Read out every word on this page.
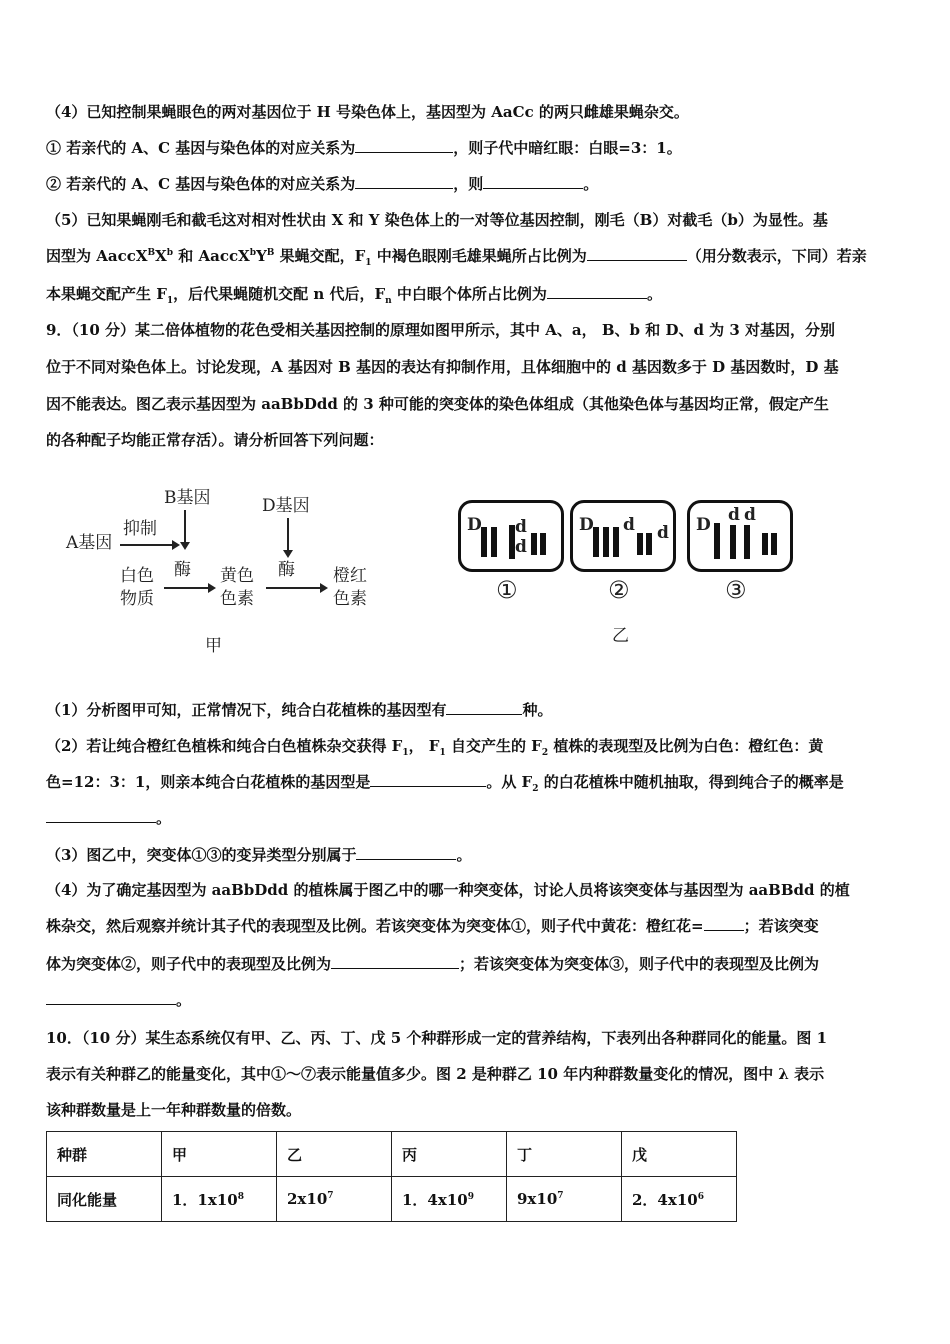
（4）已知控制果蝇眼色的两对基因位于 H 号染色体上，基因型为 AaCc 的两只雌雄果蝇杂交。
① 若亲代的 A、C 基因与染色体的对应关系为	，则子代中暗红眼：白眼=3：1。
② 若亲代的 A、C 基因与染色体的对应关系为	，则	。
（5）已知果蝇刚毛和截毛这对相对性状由 X 和 Y 染色体上的一对等位基因控制，刚毛（B）对截毛（b）为显性。基
因型为 $AaccX^BX^b$ 和 $AaccX^bY^B$ 果蝇交配，$F_1$ 中褐色眼刚毛雄果蝇所占比例为	（用分数表示，下同）若亲
本果蝇交配产生 $F_1$，后代果蝇随机交配 n 代后，$F_n$ 中白眼个体所占比例为	。
9．（10 分）某二倍体植物的花色受相关基因控制的原理如图甲所示，其中 A、a， B、b 和 D、d 为 3 对基因，分别
位于不同对染色体上。讨论发现，A 基因对 B 基因的表达有抑制作用，且体细胞中的 d 基因数多于 D 基因数时，D 基
因不能表达。图乙表示基因型为 aaBbDdd 的 3 种可能的突变体的染色体组成（其他染色体与基因均正常，假定产生
的各种配子均能正常存活）。请分析回答下列问题：
B基因	D基因
A基因
抑制
酶	酶
白色
物质
黄色
色素
橙红
色素
甲
D d
d
①
D d d
②
D d d
③
乙
（1）分析图甲可知，正常情况下，纯合白花植株的基因型有	种。
（2）若让纯合橙红色植株和纯合白色植株杂交获得 $F_1$， $F_1$ 自交产生的 $F_2$ 植株的表现型及比例为白色：橙红色：黄
色=12：3：1，则亲本纯合白花植株的基因型是	。从 $F_2$ 的白花植株中随机抽取，得到纯合子的概率是
。
（3）图乙中，突变体①③的变异类型分别属于	。
（4）为了确定基因型为 aaBbDdd 的植株属于图乙中的哪一种突变体，讨论人员将该突变体与基因型为 aaBBdd 的植
株杂交，然后观察并统计其子代的表现型及比例。若该突变体为突变体①，则子代中黄花：橙红花=	；若该突变
体为突变体②，则子代中的表现型及比例为	；若该突变体为突变体③，则子代中的表现型及比例为
。
10．（10 分）某生态系统仅有甲、乙、丙、丁、戊 5 个种群形成一定的营养结构，下表列出各种群同化的能量。图 1
表示有关种群乙的能量变化，其中①～⑦表示能量值多少。图 2 是种群乙 10 年内种群数量变化的情况，图中 λ 表示
该种群数量是上一年种群数量的倍数。
种群	甲	乙	丙	丁	戊
同化能量	1．$1x10^8$	$2x10^7$	1．$4x10^9$	$9x10^7$	2．$4x10^6$
